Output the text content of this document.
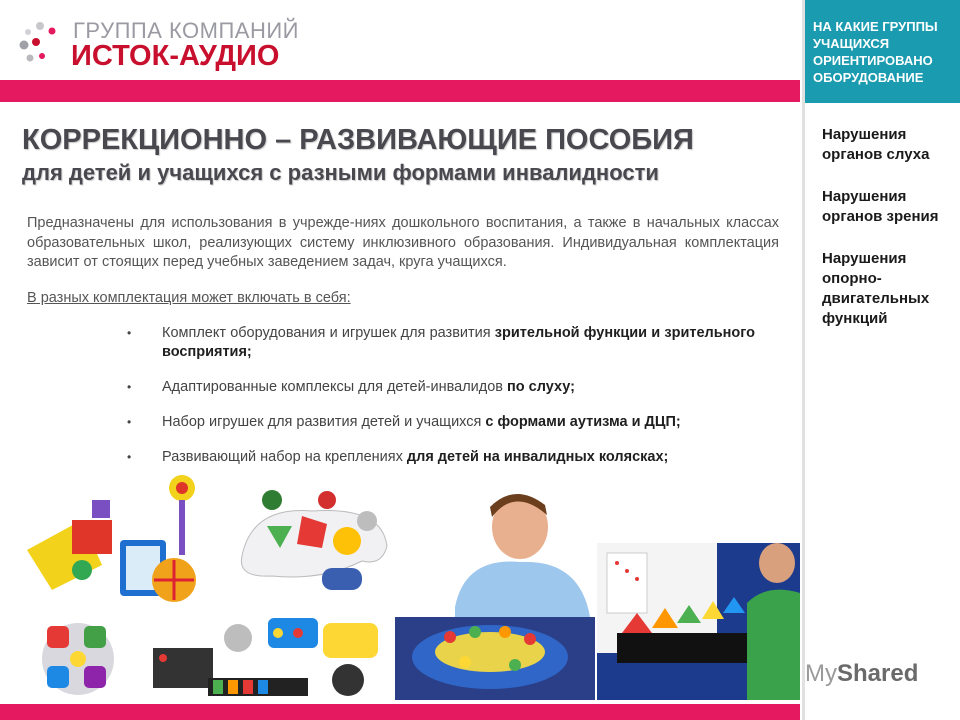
ГРУППА КОМПАНИЙ
ИСТОК-АУДИО
НА КАКИЕ ГРУППЫ УЧАЩИХСЯ ОРИЕНТИРОВАНО ОБОРУДОВАНИЕ
Нарушения органов слуха
Нарушения органов зрения
Нарушения опорно-двигательных функций
КОРРЕКЦИОННО – РАЗВИВАЮЩИЕ ПОСОБИЯ
для детей и учащихся с разными формами инвалидности
Предназначены для использования в учрежде-ниях дошкольного воспитания, а также в начальных классах образовательных школ, реализующих систему инклюзивного образования. Индивидуальная комплектация зависит от стоящих перед учебных заведением задач, круга учащихся.
В разных комплектация может включать в себя:
• Комплект оборудования и игрушек для развития зрительной функции и зрительного восприятия;
• Адаптированные комплексы для детей-инвалидов по слуху;
• Набор игрушек для развития детей и учащихся с формами аутизма и ДЦП;
• Развивающий набор на креплениях для детей на инвалидных колясках;
MyShared
